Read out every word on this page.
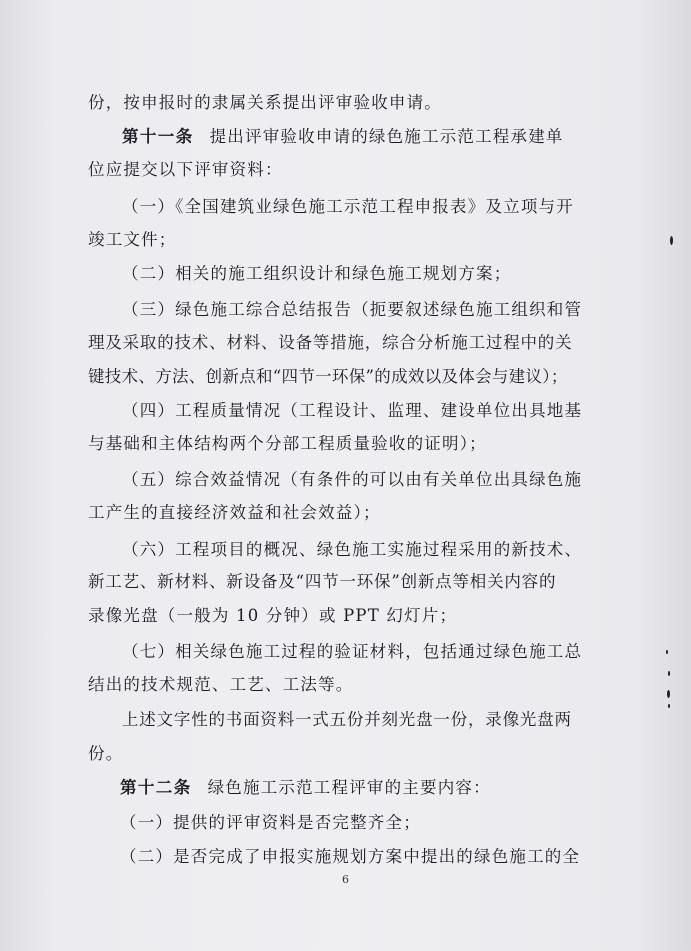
份，按申报时的隶属关系提出评审验收申请。
第十一条 提出评审验收申请的绿色施工示范工程承建单
位应提交以下评审资料：
（一）《全国建筑业绿色施工示范工程申报表》及立项与开
竣工文件；
（二）相关的施工组织设计和绿色施工规划方案；
（三）绿色施工综合总结报告（扼要叙述绿色施工组织和管
理及采取的技术、材料、设备等措施，综合分析施工过程中的关
键技术、方法、创新点和“四节一环保”的成效以及体会与建议）；
（四）工程质量情况（工程设计、监理、建设单位出具地基
与基础和主体结构两个分部工程质量验收的证明）；
（五）综合效益情况（有条件的可以由有关单位出具绿色施
工产生的直接经济效益和社会效益）；
（六）工程项目的概况、绿色施工实施过程采用的新技术、
新工艺、新材料、新设备及“四节一环保”创新点等相关内容的
录像光盘（一般为 10 分钟）或 PPT 幻灯片；
（七）相关绿色施工过程的验证材料，包括通过绿色施工总
结出的技术规范、工艺、工法等。
上述文字性的书面资料一式五份并刻光盘一份，录像光盘两
份。
第十二条 绿色施工示范工程评审的主要内容：
（一）提供的评审资料是否完整齐全；
（二）是否完成了申报实施规划方案中提出的绿色施工的全
6
